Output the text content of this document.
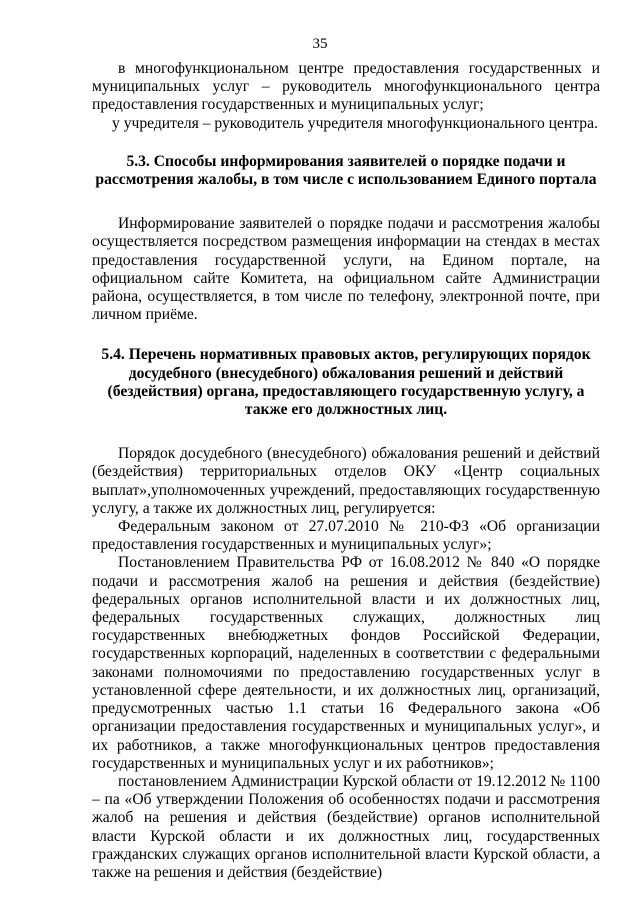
35

в многофункциональном центре предоставления государственных и муниципальных услуг – руководитель многофункционального центра предоставления государственных и муниципальных услуг;

у учредителя – руководитель учредителя многофункционального центра.

5.3. Способы информирования заявителей о порядке подачи и рассмотрения жалобы, в том числе с использованием Единого портала

Информирование заявителей о порядке подачи и рассмотрения жалобы осуществляется посредством размещения информации на стендах в местах предоставления государственной услуги, на Едином портале, на официальном сайте Комитета, на официальном сайте Администрации района, осуществляется, в том числе по телефону, электронной почте, при личном приёме.

5.4. Перечень нормативных правовых актов, регулирующих порядок досудебного (внесудебного) обжалования решений и действий (бездействия) органа, предоставляющего государственную услугу, а также его должностных лиц.

Порядок досудебного (внесудебного) обжалования решений и действий (бездействия) территориальных отделов ОКУ «Центр социальных выплат»,уполномоченных учреждений, предоставляющих государственную услугу, а также их должностных лиц, регулируется:

Федеральным законом от 27.07.2010 № 210-ФЗ «Об организации предоставления государственных и муниципальных услуг»;

Постановлением Правительства РФ от 16.08.2012 № 840 «О порядке подачи и рассмотрения жалоб на решения и действия (бездействие) федеральных органов исполнительной власти и их должностных лиц, федеральных государственных служащих, должностных лиц государственных внебюджетных фондов Российской Федерации, государственных корпораций, наделенных в соответствии с федеральными законами полномочиями по предоставлению государственных услуг в установленной сфере деятельности, и их должностных лиц, организаций, предусмотренных частью 1.1 статьи 16 Федерального закона «Об организации предоставления государственных и муниципальных услуг», и их работников, а также многофункциональных центров предоставления государственных и муниципальных услуг и их работников»;

постановлением Администрации Курской области от 19.12.2012 № 1100 – па «Об утверждении Положения об особенностях подачи и рассмотрения жалоб на решения и действия (бездействие) органов исполнительной власти Курской области и их должностных лиц, государственных гражданских служащих органов исполнительной власти Курской области, а также на решения и действия (бездействие)
